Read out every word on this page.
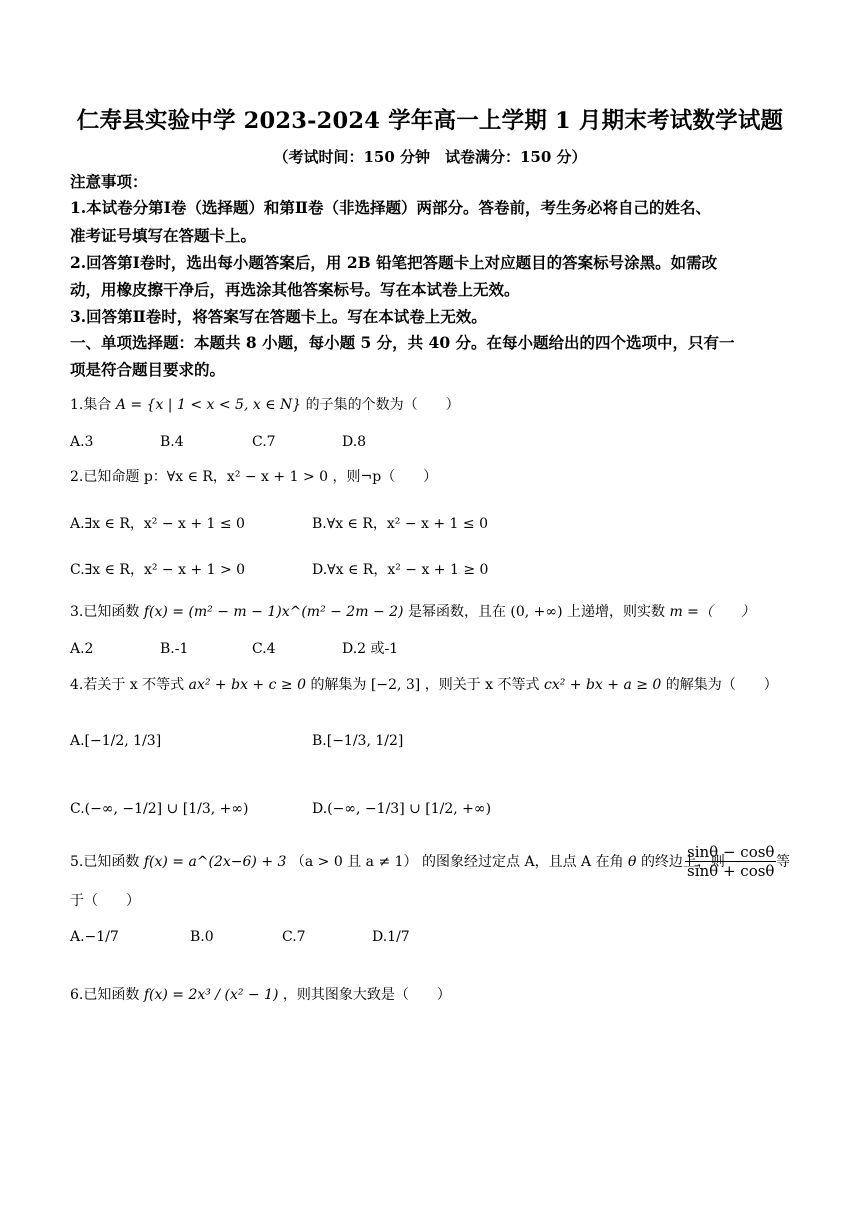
仁寿县实验中学 2023-2024 学年高一上学期 1 月期末考试数学试题
（考试时间：150 分钟　试卷满分：150 分）
注意事项：
1.本试卷分第Ⅰ卷（选择题）和第Ⅱ卷（非选择题）两部分。答卷前，考生务必将自己的姓名、
准考证号填写在答题卡上。
2.回答第Ⅰ卷时，选出每小题答案后，用 2B 铅笔把答题卡上对应题目的答案标号涂黑。如需改
动，用橡皮擦干净后，再选涂其他答案标号。写在本试卷上无效。
3.回答第Ⅱ卷时，将答案写在答题卡上。写在本试卷上无效。
一、单项选择题：本题共 8 小题，每小题 5 分，共 40 分。在每小题给出的四个选项中，只有一
项是符合题目要求的。
1.集合 A = {x | 1 < x < 5, x ∈ N} 的子集的个数为（　　）
A.3	B.4	C.7	D.8
2.已知命题 p：∀x ∈ R，x² − x + 1 > 0 ，则¬p（　　）
A.∃x ∈ R，x² − x + 1 ≤ 0	B.∀x ∈ R，x² − x + 1 ≤ 0
C.∃x ∈ R，x² − x + 1 > 0	D.∀x ∈ R，x² − x + 1 ≥ 0
3.已知函数 f(x) = (m² − m − 1)x^(m² − 2m − 2) 是幂函数，且在 (0, +∞) 上递增，则实数 m =（　　）
A.2	B.-1	C.4	D.2 或-1
4.若关于 x 不等式 ax² + bx + c ≥ 0 的解集为 [−2, 3] ，则关于 x 不等式 cx² + bx + a ≥ 0 的解集为（　　）
A.[−1/2, 1/3]	B.[−1/3, 1/2]
C.(−∞, −1/2] ∪ [1/3, +∞)	D.(−∞, −1/3] ∪ [1/2, +∞)
5.已知函数 f(x) = a^(2x−6) + 3 （a > 0 且 a ≠ 1） 的图象经过定点 A，且点 A 在角 θ 的终边上，则
$\frac{\sin\theta - \cos\theta}{\sin\theta + \cos\theta}$ 等
于（　　）
A.−1/7	B.0	C.7	D.1/7
6.已知函数 f(x) = 2x³ / (x² − 1) ，则其图象大致是（　　）
